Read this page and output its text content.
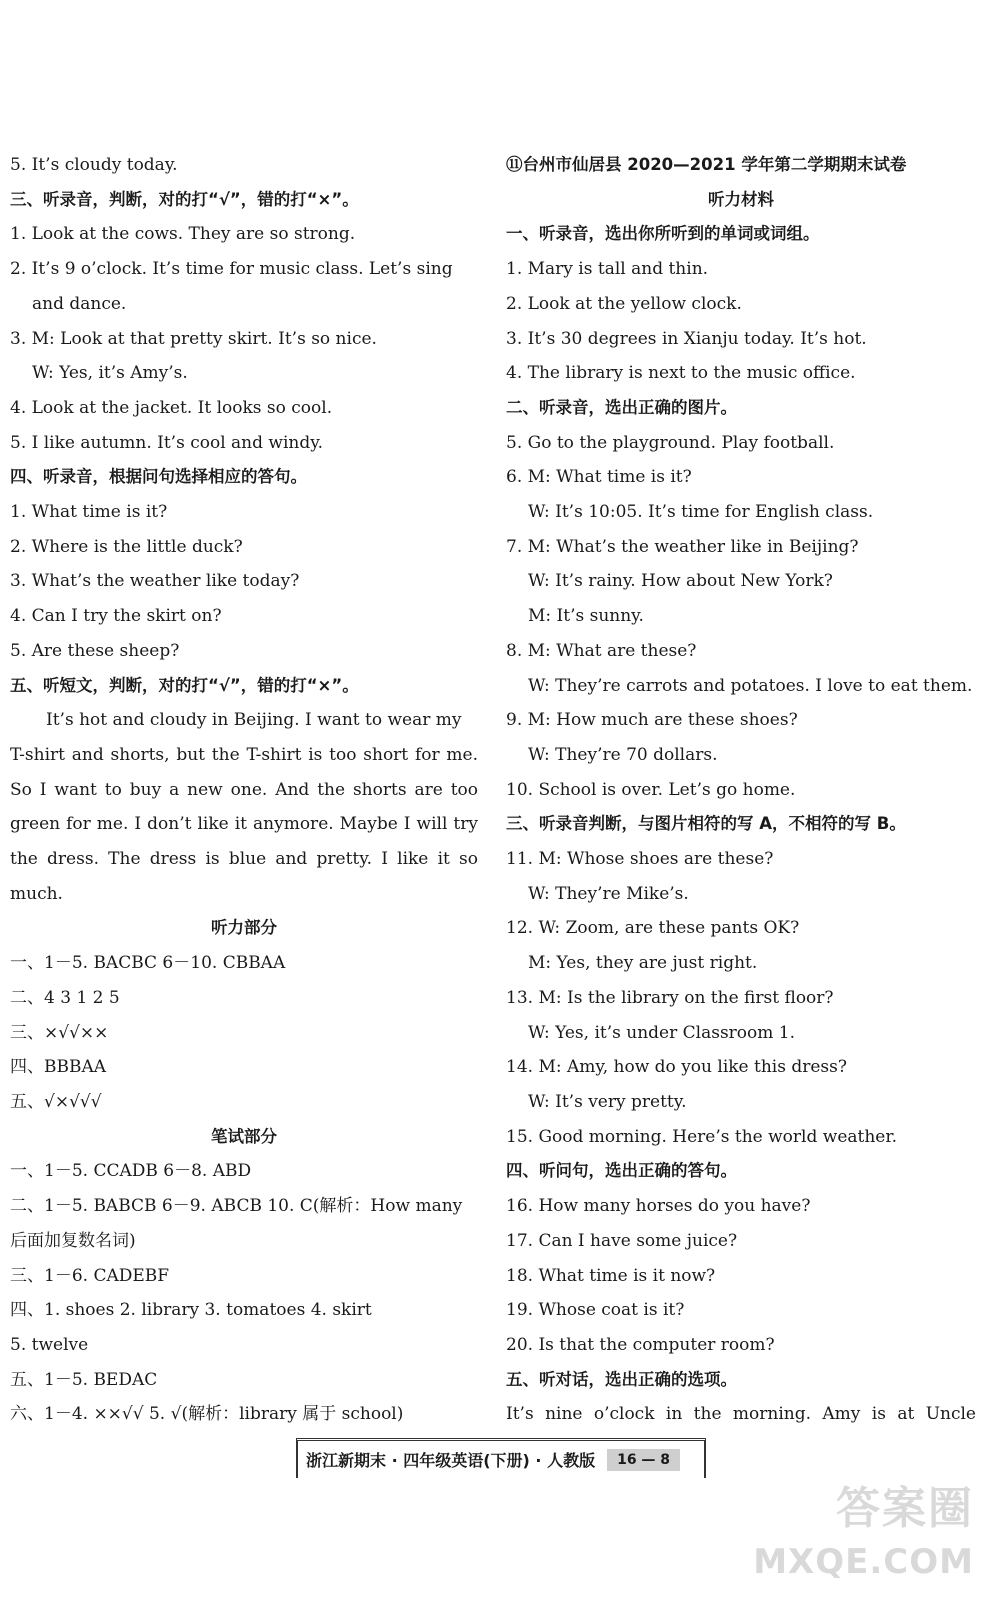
5. It’s cloudy today.
三、听录音，判断，对的打“√”，错的打“×”。
1. Look at the cows. They are so strong.
2. It’s 9 o’clock. It’s time for music class. Let’s sing
and dance.
3. M: Look at that pretty skirt. It’s so nice.
W: Yes, it’s Amy’s.
4. Look at the jacket. It looks so cool.
5. I like autumn. It’s cool and windy.
四、听录音，根据问句选择相应的答句。
1. What time is it?
2. Where is the little duck?
3. What’s the weather like today?
4. Can I try the skirt on?
5. Are these sheep?
五、听短文，判断，对的打“√”，错的打“×”。
It’s hot and cloudy in Beijing. I want to wear my
T-shirt and shorts, but the T-shirt is too short for me.
So I want to buy a new one. And the shorts are too
green for me. I don’t like it anymore. Maybe I will try
the dress. The dress is blue and pretty. I like it so
much.
听力部分
一、1－5. BACBC 6－10. CBBAA
二、4 3 1 2 5
三、×√√××
四、BBBAA
五、√×√√√
笔试部分
一、1－5. CCADB 6－8. ABD
二、1－5. BABCB 6－9. ABCB 10. C(解析：How many
后面加复数名词)
三、1－6. CADEBF
四、1. shoes 2. library 3. tomatoes 4. skirt
5. twelve
五、1－5. BEDAC
六、1－4. ××√√ 5. √(解析：library 属于 school)
⑪台州市仙居县 2020—2021 学年第二学期期末试卷
听力材料
一、听录音，选出你所听到的单词或词组。
1. Mary is tall and thin.
2. Look at the yellow clock.
3. It’s 30 degrees in Xianju today. It’s hot.
4. The library is next to the music office.
二、听录音，选出正确的图片。
5. Go to the playground. Play football.
6. M: What time is it?
W: It’s 10:05. It’s time for English class.
7. M: What’s the weather like in Beijing?
W: It’s rainy. How about New York?
M: It’s sunny.
8. M: What are these?
W: They’re carrots and potatoes. I love to eat them.
9. M: How much are these shoes?
W: They’re 70 dollars.
10. School is over. Let’s go home.
三、听录音判断，与图片相符的写 A，不相符的写 B。
11. M: Whose shoes are these?
W: They’re Mike’s.
12. W: Zoom, are these pants OK?
M: Yes, they are just right.
13. M: Is the library on the first floor?
W: Yes, it’s under Classroom 1.
14. M: Amy, how do you like this dress?
W: It’s very pretty.
15. Good morning. Here’s the world weather.
四、听问句，选出正确的答句。
16. How many horses do you have?
17. Can I have some juice?
18. What time is it now?
19. Whose coat is it?
20. Is that the computer room?
五、听对话，选出正确的选项。
It’s nine o’clock in the morning. Amy is at Uncle
浙江新期末 · 四年级英语(下册) · 人教版	16 — 8
答案圈
MXQE.COM
